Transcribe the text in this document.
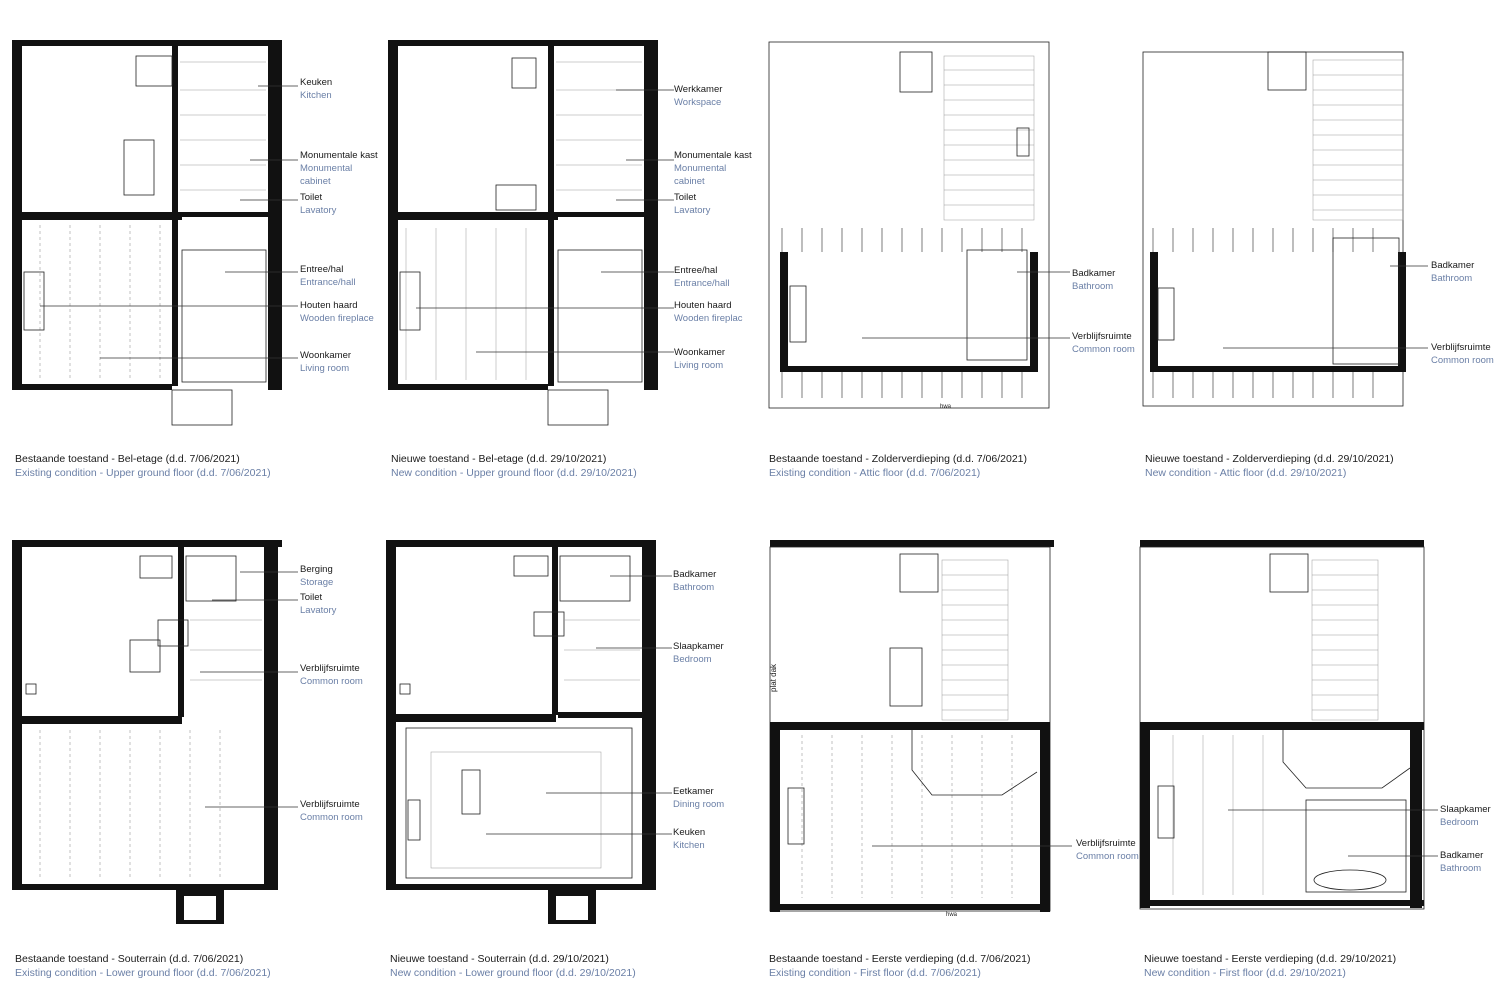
Keuken
Kitchen
Monumentale kast
Monumental cabinet
Toilet
Lavatory
Entree/hal
Entrance/hall
Houten haard
Wooden fireplace
Woonkamer
Living room
Bestaande toestand - Bel-etage (d.d. 7/06/2021)
Existing condition - Upper ground floor (d.d. 7/06/2021)
Werkkamer
Workspace
Monumentale kast
Monumental cabinet
Toilet
Lavatory
Entree/hal
Entrance/hall
Houten haard
Wooden fireplac
Woonkamer
Living room
Nieuwe toestand - Bel-etage (d.d. 29/10/2021)
New condition - Upper ground floor (d.d. 29/10/2021)
hwa
Badkamer
Bathroom
Verblijfsruimte
Common room
Bestaande toestand - Zolderverdieping (d.d. 7/06/2021)
Existing condition - Attic floor (d.d. 7/06/2021)
Badkamer
Bathroom
Verblijfsruimte
Common room
Nieuwe toestand - Zolderverdieping (d.d. 29/10/2021)
New condition - Attic floor (d.d. 29/10/2021)
Berging
Storage
Toilet
Lavatory
Verblijfsruimte
Common room
Verblijfsruimte
Common room
Bestaande toestand - Souterrain (d.d. 7/06/2021)
Existing condition - Lower ground floor (d.d. 7/06/2021)
Badkamer
Bathroom
Slaapkamer
Bedroom
Eetkamer
Dining room
Keuken
Kitchen
Nieuwe toestand - Souterrain (d.d. 29/10/2021)
New condition - Lower ground floor (d.d. 29/10/2021)
plat dak
hwa
Verblijfsruimte
Common room
Bestaande toestand - Eerste verdieping (d.d. 7/06/2021)
Existing condition - First floor (d.d. 7/06/2021)
Slaapkamer
Bedroom
Badkamer
Bathroom
Nieuwe toestand - Eerste verdieping (d.d. 29/10/2021)
New condition - First floor (d.d. 29/10/2021)
